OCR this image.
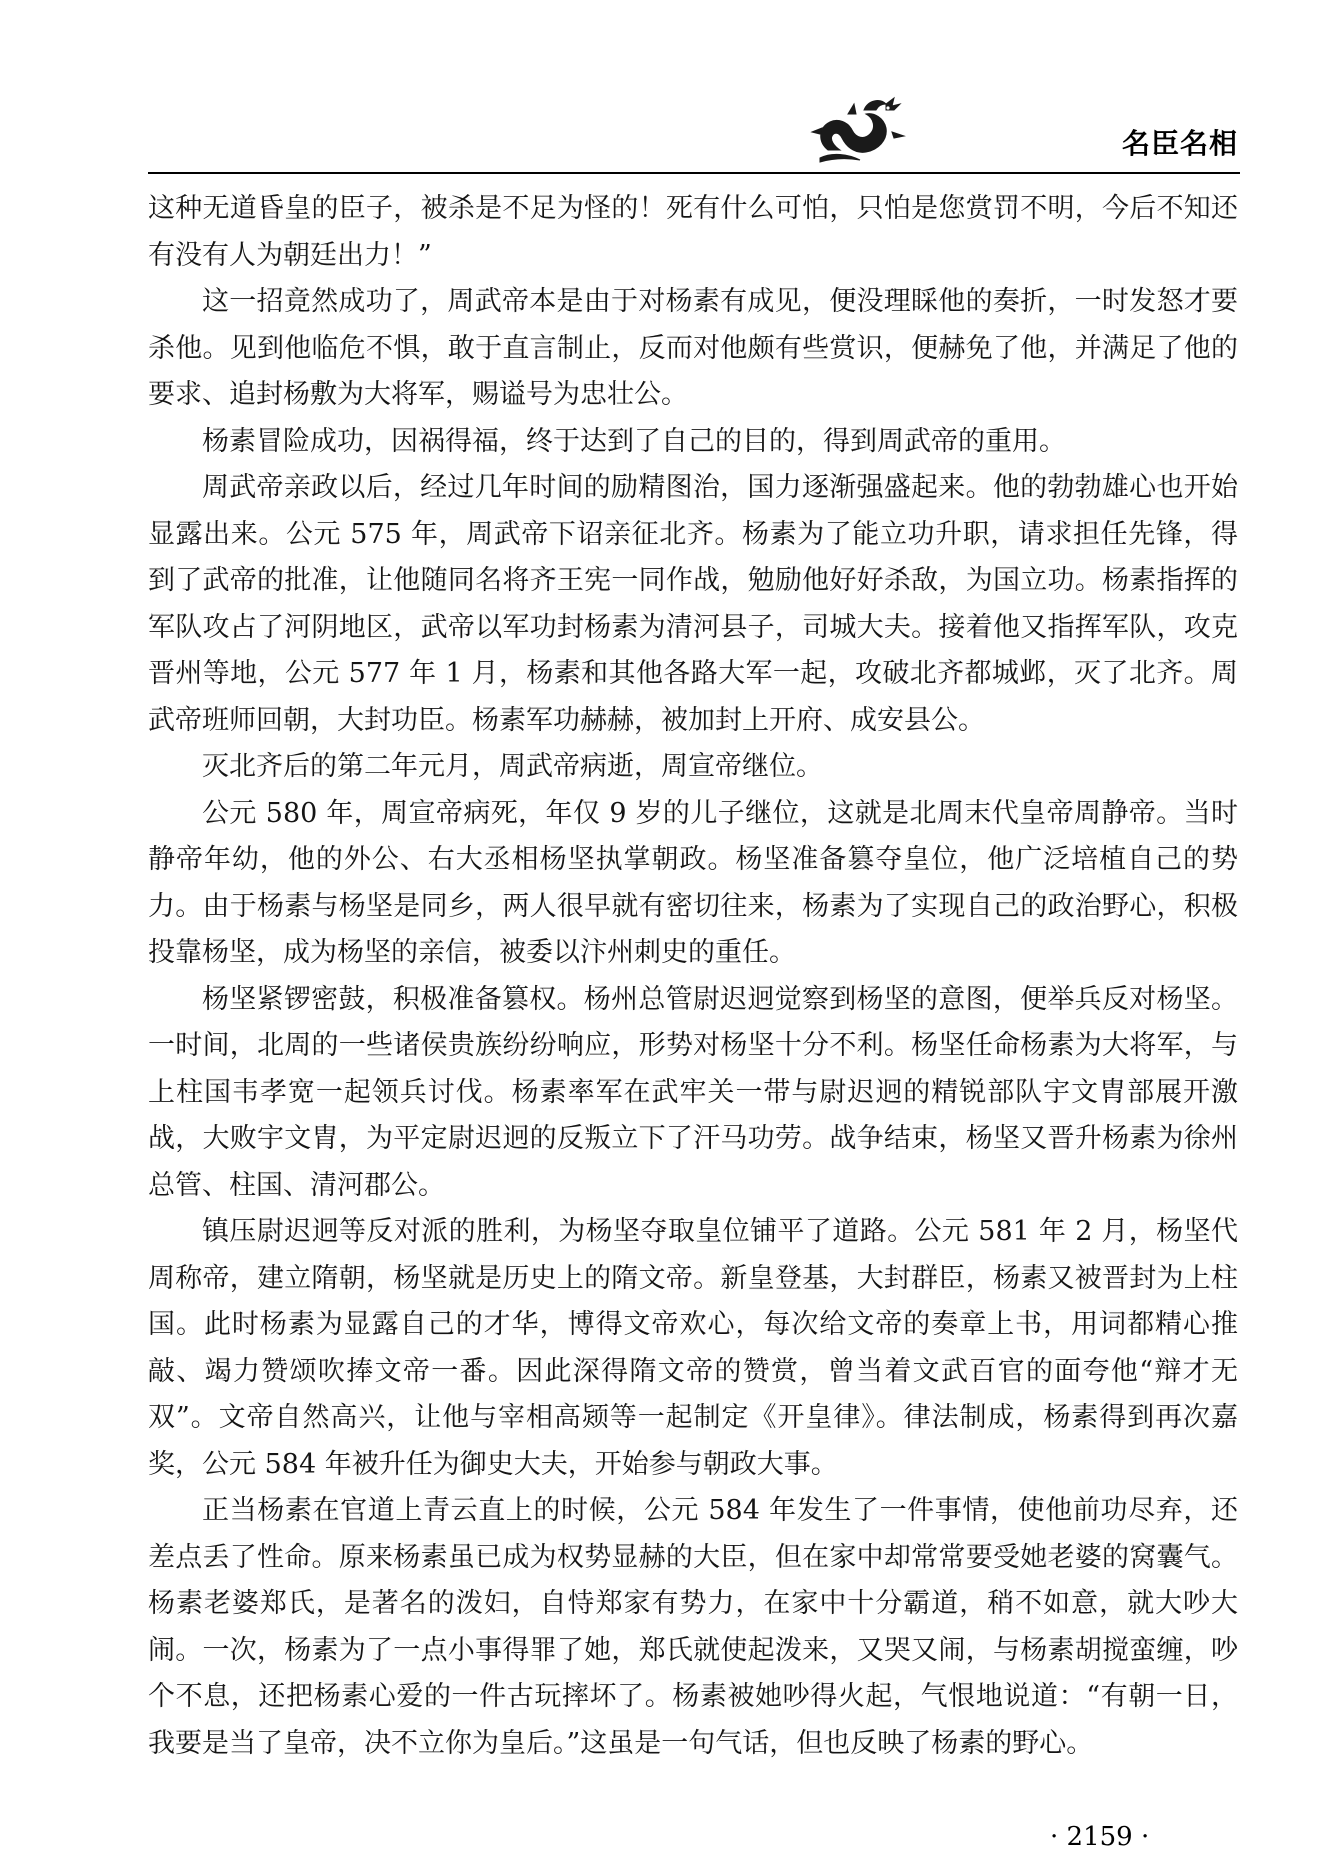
名臣名相

这种无道昏皇的臣子，被杀是不足为怪的！死有什么可怕，只怕是您赏罚不明，今后不知还有没有人为朝廷出力！”

这一招竟然成功了，周武帝本是由于对杨素有成见，便没理睬他的奏折，一时发怒才要杀他。见到他临危不惧，敢于直言制止，反而对他颇有些赏识，便赫免了他，并满足了他的要求、追封杨敷为大将军，赐谥号为忠壮公。

杨素冒险成功，因祸得福，终于达到了自己的目的，得到周武帝的重用。

周武帝亲政以后，经过几年时间的励精图治，国力逐渐强盛起来。他的勃勃雄心也开始显露出来。公元 575 年，周武帝下诏亲征北齐。杨素为了能立功升职，请求担任先锋，得到了武帝的批准，让他随同名将齐王宪一同作战，勉励他好好杀敌，为国立功。杨素指挥的军队攻占了河阴地区，武帝以军功封杨素为清河县子，司城大夫。接着他又指挥军队，攻克晋州等地，公元 577 年 1 月，杨素和其他各路大军一起，攻破北齐都城邺，灭了北齐。周武帝班师回朝，大封功臣。杨素军功赫赫，被加封上开府、成安县公。

灭北齐后的第二年元月，周武帝病逝，周宣帝继位。

公元 580 年，周宣帝病死，年仅 9 岁的儿子继位，这就是北周末代皇帝周静帝。当时静帝年幼，他的外公、右大丞相杨坚执掌朝政。杨坚准备篡夺皇位，他广泛培植自己的势力。由于杨素与杨坚是同乡，两人很早就有密切往来，杨素为了实现自己的政治野心，积极投靠杨坚，成为杨坚的亲信，被委以汴州刺史的重任。

杨坚紧锣密鼓，积极准备篡权。杨州总管尉迟迥觉察到杨坚的意图，便举兵反对杨坚。一时间，北周的一些诸侯贵族纷纷响应，形势对杨坚十分不利。杨坚任命杨素为大将军，与上柱国韦孝宽一起领兵讨伐。杨素率军在武牢关一带与尉迟迥的精锐部队宇文胄部展开激战，大败宇文胄，为平定尉迟迥的反叛立下了汗马功劳。战争结束，杨坚又晋升杨素为徐州总管、柱国、清河郡公。

镇压尉迟迥等反对派的胜利，为杨坚夺取皇位铺平了道路。公元 581 年 2 月，杨坚代周称帝，建立隋朝，杨坚就是历史上的隋文帝。新皇登基，大封群臣，杨素又被晋封为上柱国。此时杨素为显露自己的才华，博得文帝欢心，每次给文帝的奏章上书，用词都精心推敲、竭力赞颂吹捧文帝一番。因此深得隋文帝的赞赏，曾当着文武百官的面夸他“辩才无双”。文帝自然高兴，让他与宰相高颎等一起制定《开皇律》。律法制成，杨素得到再次嘉奖，公元 584 年被升任为御史大夫，开始参与朝政大事。

正当杨素在官道上青云直上的时候，公元 584 年发生了一件事情，使他前功尽弃，还差点丢了性命。原来杨素虽已成为权势显赫的大臣，但在家中却常常要受她老婆的窝囊气。杨素老婆郑氏，是著名的泼妇，自恃郑家有势力，在家中十分霸道，稍不如意，就大吵大闹。一次，杨素为了一点小事得罪了她，郑氏就使起泼来，又哭又闹，与杨素胡搅蛮缠，吵个不息，还把杨素心爱的一件古玩摔坏了。杨素被她吵得火起，气恨地说道：“有朝一日，我要是当了皇帝，决不立你为皇后。”这虽是一句气话，但也反映了杨素的野心。

· 2159 ·
